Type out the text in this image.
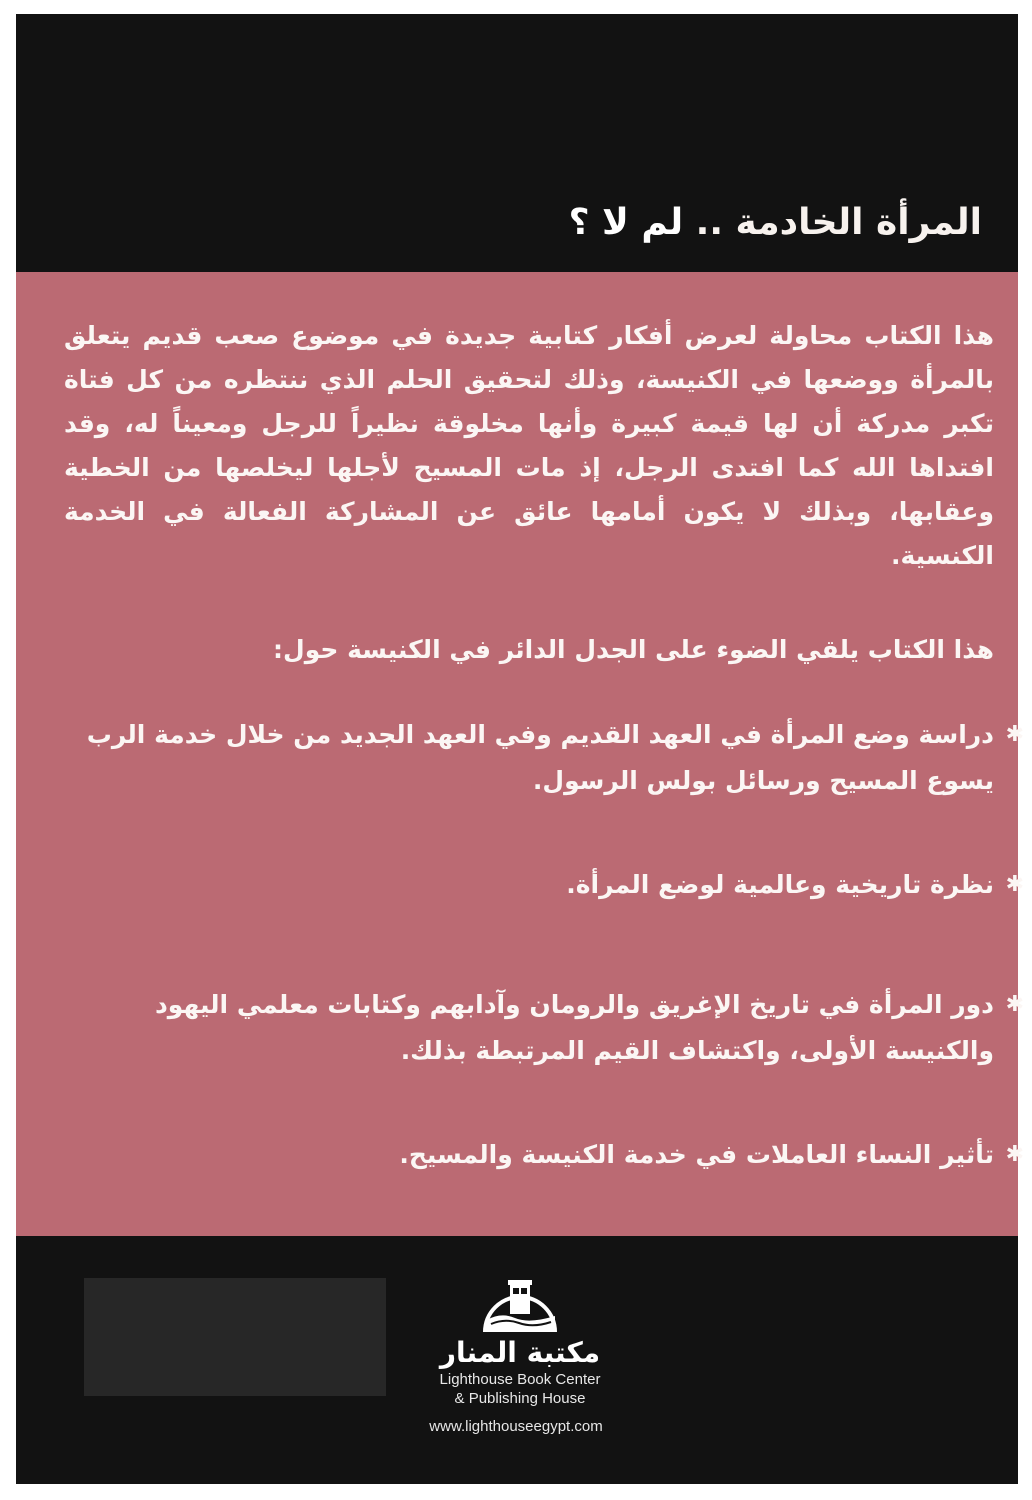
المرأة الخادمة .. لم لا ؟
هذا الكتاب محاولة لعرض أفكار كتابية جديدة في موضوع صعب قديم يتعلق بالمرأة ووضعها في الكنيسة، وذلك لتحقيق الحلم الذي ننتظره من كل فتاة تكبر مدركة أن لها قيمة كبيرة وأنها مخلوقة نظيراً للرجل ومعيناً له، وقد افتداها الله كما افتدى الرجل، إذ مات المسيح لأجلها ليخلصها من الخطية وعقابها، وبذلك لا يكون أمامها عائق عن المشاركة الفعالة في الخدمة الكنسية.
هذا الكتاب يلقي الضوء على الجدل الدائر في الكنيسة حول:
✱
دراسة وضع المرأة في العهد القديم وفي العهد الجديد من خلال خدمة الرب يسوع المسيح ورسائل بولس الرسول.
✱
نظرة تاريخية وعالمية لوضع المرأة.
✱
دور المرأة في تاريخ الإغريق والرومان وآدابهم وكتابات معلمي اليهود والكنيسة الأولى، واكتشاف القيم المرتبطة بذلك.
✱
تأثير النساء العاملات في خدمة الكنيسة والمسيح.
مكتبة المنار
Lighthouse Book Center
& Publishing House
www.lighthouseegypt.com
